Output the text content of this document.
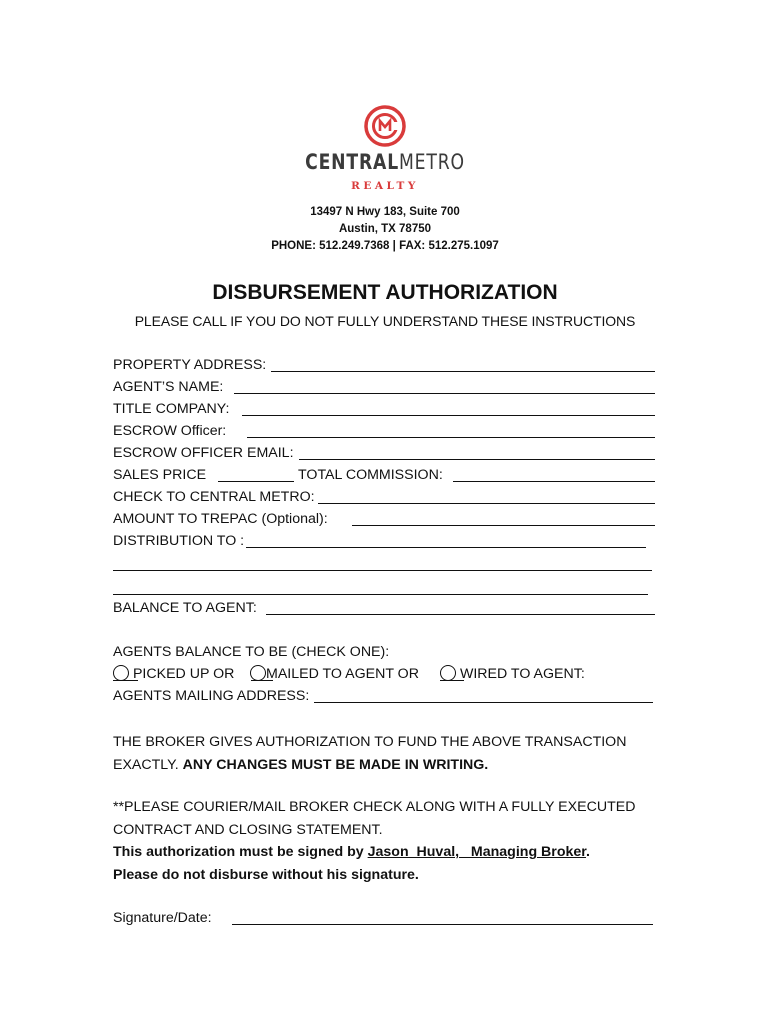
CENTRALMETRO
REALTY
13497 N Hwy 183, Suite 700
Austin, TX 78750
PHONE: 512.249.7368 | FAX: 512.275.1097
DISBURSEMENT AUTHORIZATION
PLEASE CALL IF YOU DO NOT FULLY UNDERSTAND THESE INSTRUCTIONS
PROPERTY ADDRESS:
AGENT’S NAME:
TITLE COMPANY:
ESCROW Officer:
ESCROW OFFICER EMAIL:
SALES PRICE	TOTAL COMMISSION:
CHECK TO CENTRAL METRO:
AMOUNT TO TREPAC (Optional):
DISTRIBUTION TO :
BALANCE TO AGENT:
AGENTS BALANCE TO BE (CHECK ONE):
PICKED UP OR	MAILED TO AGENT OR	WIRED TO AGENT:
AGENTS MAILING ADDRESS:
THE BROKER GIVES AUTHORIZATION TO FUND THE ABOVE TRANSACTION
EXACTLY. ANY CHANGES MUST BE MADE IN WRITING.
**PLEASE COURIER/MAIL BROKER CHECK ALONG WITH A FULLY EXECUTED
CONTRACT AND CLOSING STATEMENT.
This authorization must be signed by Jason  Huval,   Managing Broker.
Please do not disburse without his signature.
Signature/Date:
